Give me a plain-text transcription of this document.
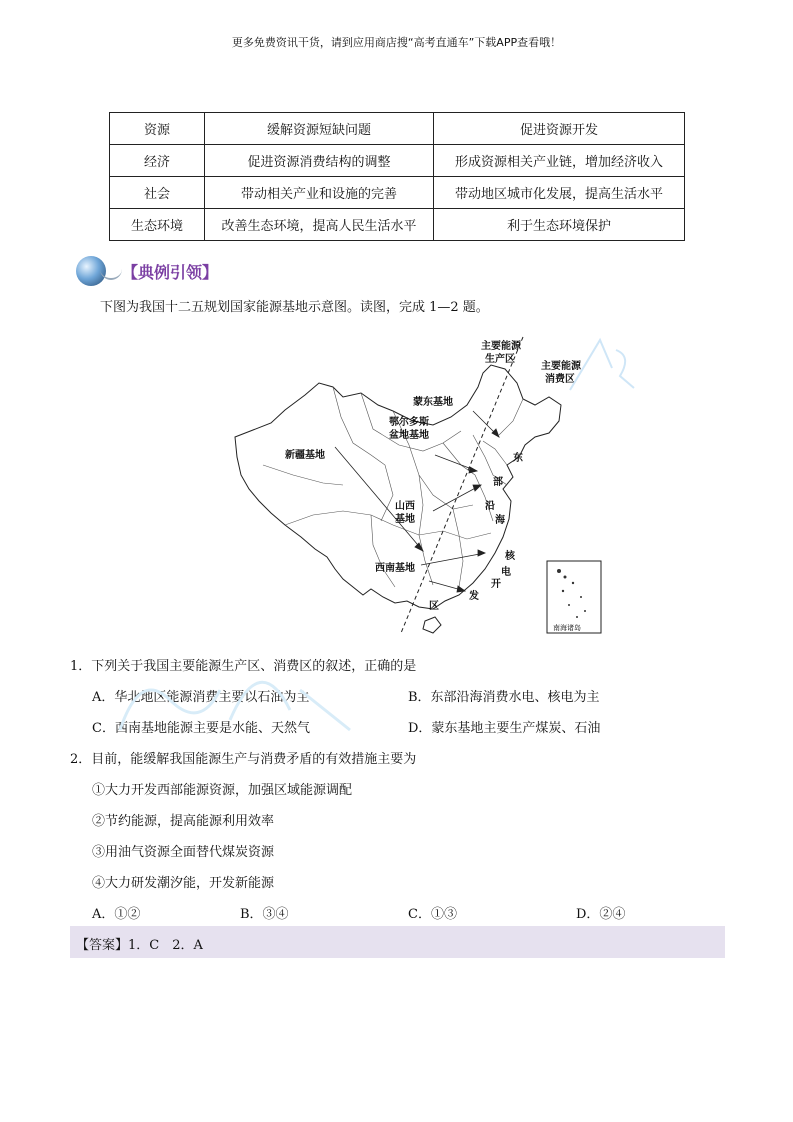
更多免费资讯干货，请到应用商店搜“高考直通车”下载APP查看哦！
资源	缓解资源短缺问题	促进资源开发
经济	促进资源消费结构的调整	形成资源相关产业链，增加经济收入
社会	带动相关产业和设施的完善	带动地区城市化发展，提高生活水平
生态环境	改善生态环境，提高人民生活水平	利于生态环境保护
【典例引领】
下图为我国十二五规划国家能源基地示意图。读图，完成 1—2 题。
主要能源
生产区
主要能源
消费区
蒙东基地
鄂尔多斯
盆地基地
新疆基地
山西
基地
西南基地
东
部
沿
海
核
电
开
发
区
南海诸岛
1．下列关于我国主要能源生产区、消费区的叙述，正确的是
A．华北地区能源消费主要以石油为主	B．东部沿海消费水电、核电为主
C．西南基地能源主要是水能、天然气	D．蒙东基地主要生产煤炭、石油
2．目前，能缓解我国能源生产与消费矛盾的有效措施主要为
①大力开发西部能源资源，加强区域能源调配
②节约能源，提高能源利用效率
③用油气资源全面替代煤炭资源
④大力研发潮汐能，开发新能源
A．①②	B．③④	C．①③	D．②④
【答案】1．C　2．A
